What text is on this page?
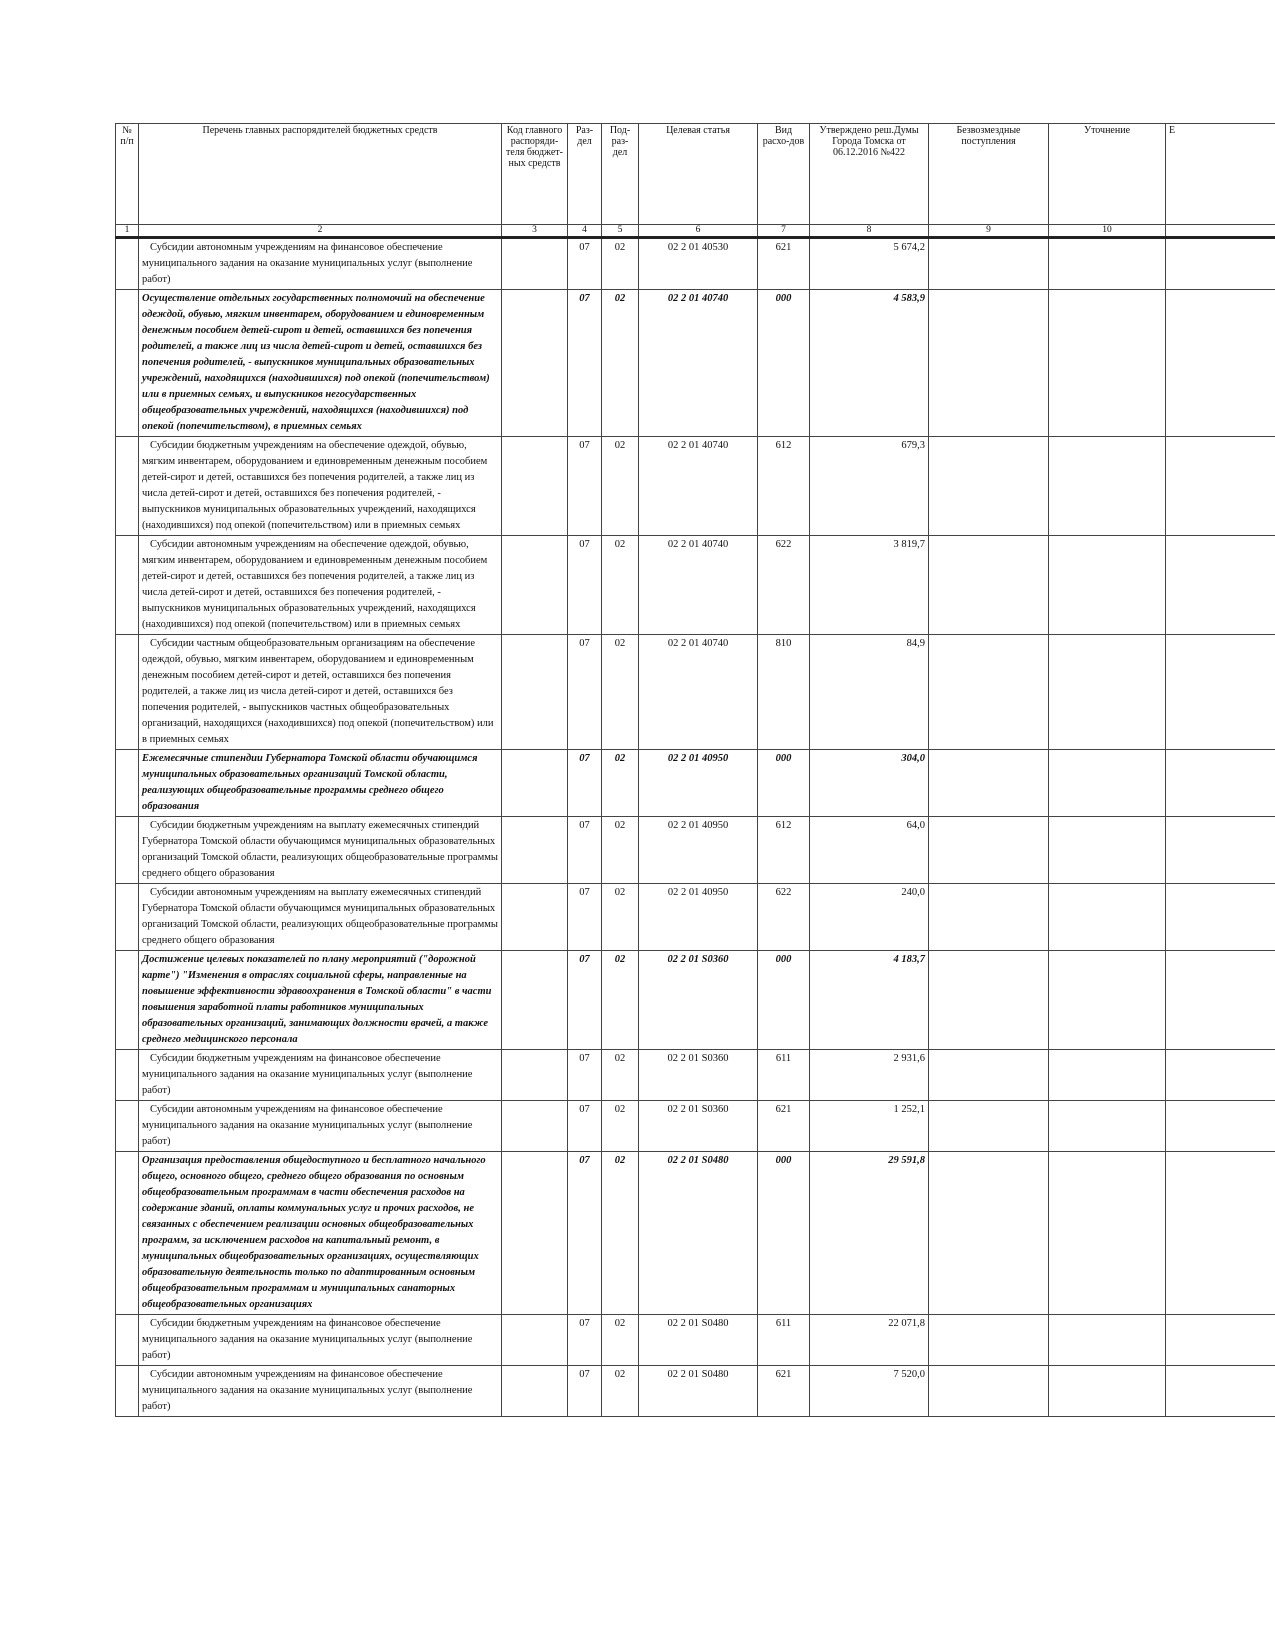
№ п/п	Перечень главных распорядителей бюджетных средств	Код главного распоряди-теля бюджет-ных средств	Раз-дел	Под-раз-дел	Целевая статья	Вид расхо-дов	Утверждено реш.Думы Города Томска от 06.12.2016 №422	Безвозмездные поступления	Уточнение	Е
1	2	3	4	5	6	7	8	9	10	
	Субсидии автономным учреждениям на финансовое обеспечение муниципального задания на оказание муниципальных услуг (выполнение работ)		07	02	02 2 01 40530	621	5 674,2			
	Осуществление отдельных государственных полномочий на обеспечение одеждой, обувью, мягким инвентарем, оборудованием и единовременным денежным пособием детей-сирот и детей, оставшихся без попечения родителей, а также лиц из числа детей-сирот и детей, оставшихся без попечения родителей, - выпускников муниципальных образовательных учреждений, находящихся (находившихся) под опекой (попечительством) или в приемных семьях, и выпускников негосударственных общеобразовательных учреждений, находящихся (находившихся) под опекой (попечительством), в приемных семьях		07	02	02 2 01 40740	000	4 583,9			
	Субсидии бюджетным учреждениям на обеспечение одеждой, обувью, мягким инвентарем, оборудованием и единовременным денежным пособием детей-сирот и детей, оставшихся без попечения родителей, а также лиц из числа детей-сирот и детей, оставшихся без попечения родителей, - выпускников муниципальных образовательных учреждений, находящихся (находившихся) под опекой (попечительством) или в приемных семьях		07	02	02 2 01 40740	612	679,3			
	Субсидии автономным учреждениям на обеспечение одеждой, обувью, мягким инвентарем, оборудованием и единовременным денежным пособием детей-сирот и детей, оставшихся без попечения родителей, а также лиц из числа детей-сирот и детей, оставшихся без попечения родителей, - выпускников муниципальных образовательных учреждений, находящихся (находившихся) под опекой (попечительством) или в приемных семьях		07	02	02 2 01 40740	622	3 819,7			
	Субсидии частным общеобразовательным организациям на обеспечение одеждой, обувью, мягким инвентарем, оборудованием и единовременным денежным пособием детей-сирот и детей, оставшихся без попечения родителей, а также лиц из числа детей-сирот и детей, оставшихся без попечения родителей, - выпускников частных общеобразовательных организаций, находящихся (находившихся) под опекой (попечительством) или в приемных семьях		07	02	02 2 01 40740	810	84,9			
	Ежемесячные стипендии Губернатора Томской области обучающимся муниципальных образовательных организаций Томской области, реализующих общеобразовательные программы среднего общего образования		07	02	02 2 01 40950	000	304,0			
	Субсидии бюджетным учреждениям на выплату ежемесячных стипендий Губернатора Томской области обучающимся муниципальных образовательных организаций Томской области, реализующих общеобразовательные программы среднего общего образования		07	02	02 2 01 40950	612	64,0			
	Субсидии автономным учреждениям на выплату ежемесячных стипендий Губернатора Томской области обучающимся муниципальных образовательных организаций Томской области, реализующих общеобразовательные программы среднего общего образования		07	02	02 2 01 40950	622	240,0			
	Достижение целевых показателей по плану мероприятий ("дорожной карте") "Изменения в отраслях социальной сферы, направленные на повышение эффективности здравоохранения в Томской области" в части повышения заработной платы работников муниципальных образовательных организаций, занимающих должности врачей, а также среднего медицинского персонала		07	02	02 2 01 S0360	000	4 183,7			
	Субсидии бюджетным учреждениям на финансовое обеспечение муниципального задания на оказание муниципальных услуг (выполнение работ)		07	02	02 2 01 S0360	611	2 931,6			
	Субсидии автономным учреждениям на финансовое обеспечение муниципального задания на оказание муниципальных услуг (выполнение работ)		07	02	02 2 01 S0360	621	1 252,1			
	Организация предоставления общедоступного и бесплатного начального общего, основного общего, среднего общего образования по основным общеобразовательным программам в части обеспечения расходов на содержание зданий, оплаты коммунальных услуг и прочих расходов, не связанных с обеспечением реализации основных общеобразовательных программ, за исключением расходов на капитальный ремонт, в муниципальных общеобразовательных организациях, осуществляющих образовательную деятельность только по адаптированным основным общеобразовательным программам и муниципальных санаторных общеобразовательных организациях		07	02	02 2 01 S0480	000	29 591,8			
	Субсидии бюджетным учреждениям на финансовое обеспечение муниципального задания на оказание муниципальных услуг (выполнение работ)		07	02	02 2 01 S0480	611	22 071,8			
	Субсидии автономным учреждениям на финансовое обеспечение муниципального задания на оказание муниципальных услуг (выполнение работ)		07	02	02 2 01 S0480	621	7 520,0			
